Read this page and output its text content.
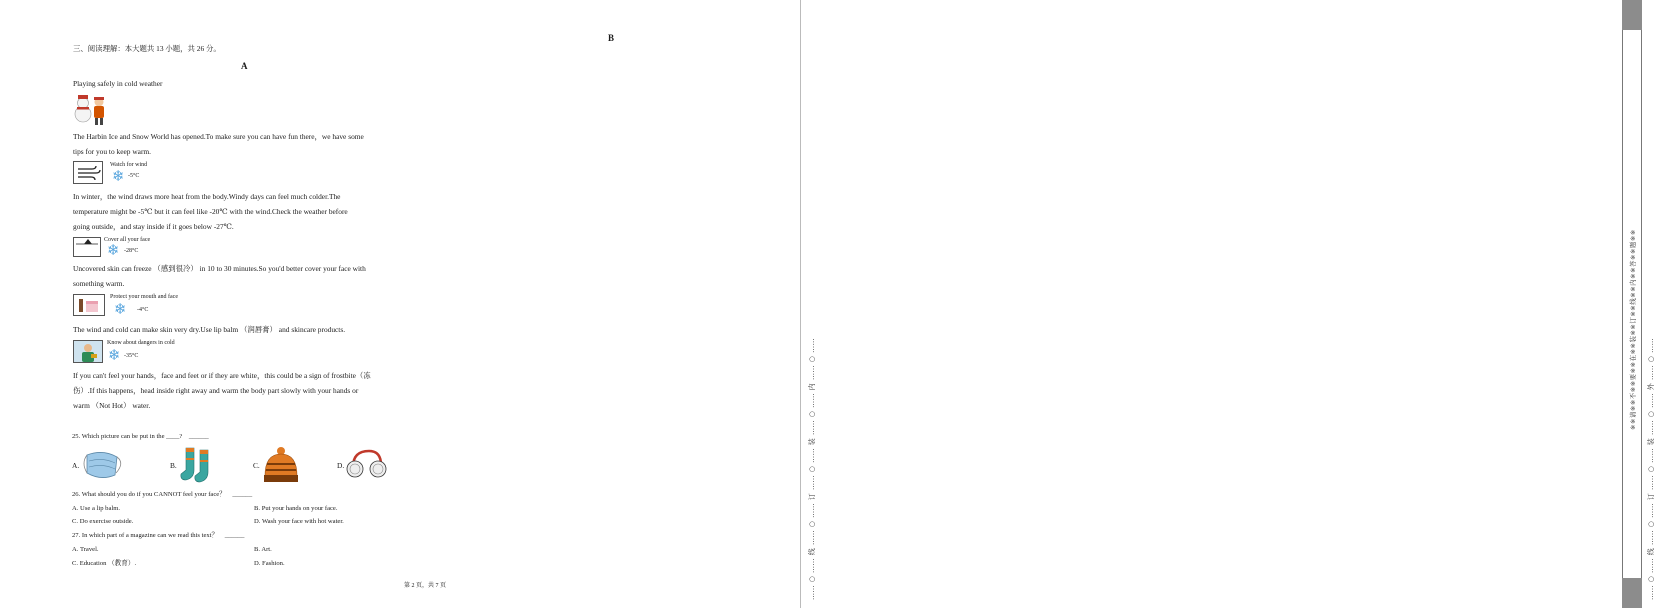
三、阅读理解：本大题共 13 小题，共 26 分。
A
B
Playing safely in cold weather
The Harbin Ice and Snow World has opened.To make sure you can have fun there，we have some
tips for you to keep warm.
Watch for wind
❄ -5°C
In winter，the wind draws more heat from the body.Windy days can feel much colder.The
temperature might be -5℃ but it can feel like -20℃ with the wind.Check the weather before
going outside，and stay inside if it goes below -27℃.
Cover all your face
❄ -28°C
Uncovered skin can freeze （感到很冷） in 10 to 30 minutes.So you'd better cover your face with
something warm.
Protect your mouth and face
❄ -4°C
The wind and cold can make skin very dry.Use lip balm （润唇膏） and skincare products.
Know about dangers in cold
❄ -35°C
If you can't feel your hands，face and feet or if they are white，this could be a sign of frostbite（冻
伤）.If this happens，head inside right away and warm the body part slowly with your hands or
warm （Not Hot） water.
25. Which picture can be put in the ____?　______
A.	B.	C.	D.
26. What should you do if you CANNOT feel your face？　______
A. Use a lip balm.	B. Put your hands on your face.
C. Do exercise outside.	D. Wash your face with hot water.
27. In which part of a magazine can we read this text？　______
A. Travel.	B. Art.
C. Education （教育）.	D. Fashion.
第 2 页，共 7 页	…… ○ …… 线 …… ○ …… 订 …… ○ …… 装 …… ○ …… 内 …… ○ ……
※※请※※不※※要※※在※※装※※订※※线※※内※※答※※题※※
…… ○ …… 线 …… ○ …… 订 …… ○ …… 装 …… ○ …… 外 …… ○ ……
